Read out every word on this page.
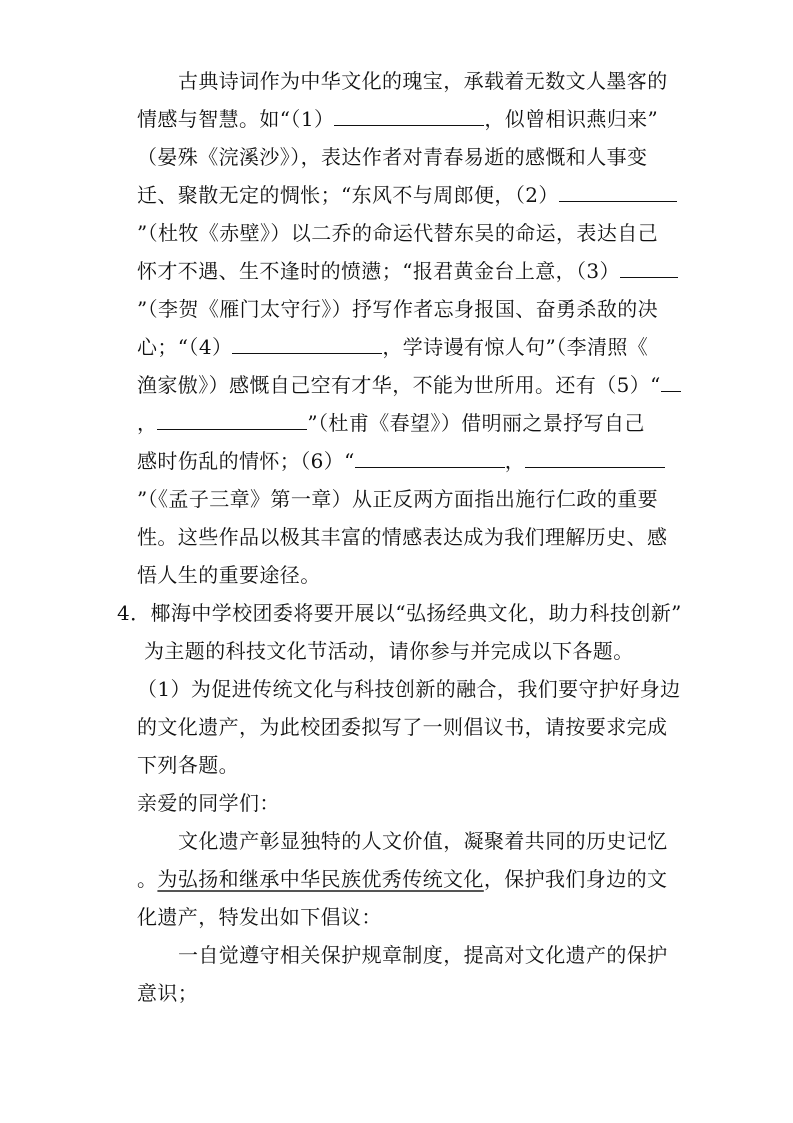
古典诗词作为中华文化的瑰宝，承载着无数文人墨客的
情感与智慧。如“（1）	，似曾相识燕归来”
（晏殊《浣溪沙》），表达作者对青春易逝的感慨和人事变
迁、聚散无定的惆怅；“东风不与周郎便，（2）
”（杜牧《赤壁》）以二乔的命运代替东吴的命运，表达自己
怀才不遇、生不逢时的愤懑；“报君黄金台上意，（3）
”（李贺《雁门太守行》）抒写作者忘身报国、奋勇杀敌的决
心；“（4）	，学诗谩有惊人句”（李清照《
渔家傲》）感慨自己空有才华，不能为世所用。还有（5）“
，	”（杜甫《春望》）借明丽之景抒写自己
感时伤乱的情怀；（6）“	，
”（《孟子三章》第一章）从正反两方面指出施行仁政的重要
性。这些作品以极其丰富的情感表达成为我们理解历史、感
悟人生的重要途径。
4．椰海中学校团委将要开展以“弘扬经典文化，助力科技创新”
为主题的科技文化节活动，请你参与并完成以下各题。
（1）为促进传统文化与科技创新的融合，我们要守护好身边
的文化遗产，为此校团委拟写了一则倡议书，请按要求完成
下列各题。
亲爱的同学们：
文化遗产彰显独特的人文价值，凝聚着共同的历史记忆
。为弘扬和继承中华民族优秀传统文化，保护我们身边的文
化遗产，特发出如下倡议：
一自觉遵守相关保护规章制度，提高对文化遗产的保护
意识；
